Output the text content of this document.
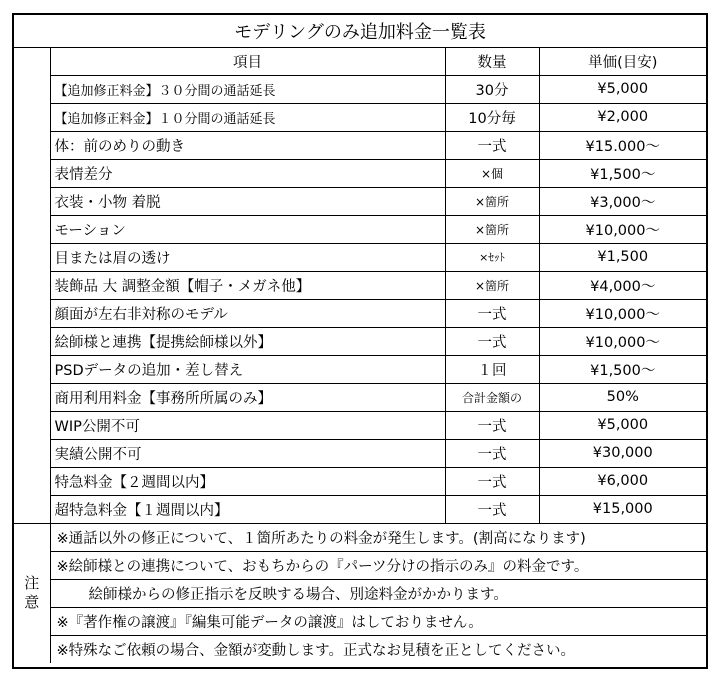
モデリングのみ追加料金一覧表			
	項目	数量	単価(目安)
	【追加修正料金】３０分間の通話延長	30分	¥5,000
	【追加修正料金】１０分間の通話延長	10分毎	¥2,000
	体：前のめりの動き	一式	¥15.000〜
	表情差分	×個	¥1,500〜
	衣装・小物 着脱	×箇所	¥3,000〜
	モーション	×箇所	¥10,000〜
	目または眉の透け	×ｾｯﾄ	¥1,500
	装飾品 大 調整金額【帽子・メガネ他】	×箇所	¥4,000〜
	顔面が左右非対称のモデル	一式	¥10,000〜
	絵師様と連携【提携絵師様以外】	一式	¥10,000〜
	PSDデータの追加・差し替え	１回	¥1,500〜
	商用利用料金【事務所所属のみ】	合計金額の	50%
	WIP公開不可	一式	¥5,000
	実績公開不可	一式	¥30,000
	特急料金【２週間以内】	一式	¥6,000
	超特急料金【１週間以内】	一式	¥15,000
注意	※通話以外の修正について、１箇所あたりの料金が発生します。(割高になります)		
	※絵師様との連携について、おもちからの『パーツ分けの指示のみ』の料金です。		
	絵師様からの修正指示を反映する場合、別途料金がかかります。		
	※『著作権の譲渡』『編集可能データの譲渡』はしておりません。		
	※特殊なご依頼の場合、金額が変動します。正式なお見積を正としてください。		
